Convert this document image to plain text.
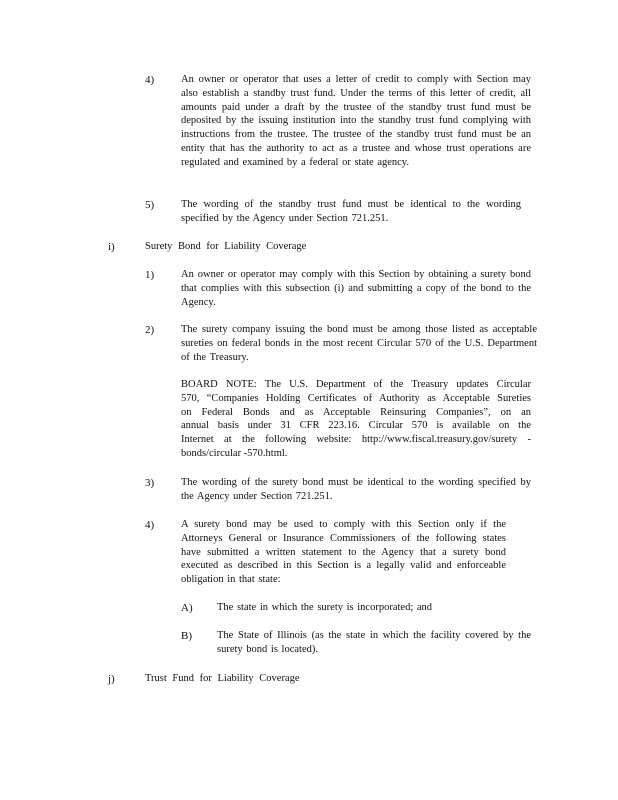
4)	An owner or operator that uses a letter of credit to comply with Section may also establish a standby trust fund. Under the terms of this letter of credit, all amounts paid under a draft by the trustee of the standby trust fund must be deposited by the issuing institution into the standby trust fund complying with instructions from the trustee. The trustee of the standby trust fund must be an entity that has the authority to act as a trustee and whose trust operations are regulated and examined by a federal or state agency.
5)	The wording of the standby trust fund must be identical to the wording specified by the Agency under Section 721.251.
i)	Surety Bond for Liability Coverage
1)	An owner or operator may comply with this Section by obtaining a surety bond that complies with this subsection (i) and submitting a copy of the bond to the Agency.
2)	The surety company issuing the bond must be among those listed as acceptable sureties on federal bonds in the most recent Circular 570 of the U.S. Department of the Treasury.
BOARD NOTE: The U.S. Department of the Treasury updates Circular
570, “Companies Holding Certificates of Authority as Acceptable Sureties
on Federal Bonds and as Acceptable Reinsuring Companies”, on an
annual basis under 31 CFR 223.16. Circular 570 is available on the
Internet at the following website: http://www.fiscal.treasury.gov/surety -
bonds/circular -570.html.
3)	The wording of the surety bond must be identical to the wording specified by the Agency under Section 721.251.
4)	A surety bond may be used to comply with this Section only if the Attorneys General or Insurance Commissioners of the following states have submitted a written statement to the Agency that a surety bond executed as described in this Section is a legally valid and enforceable obligation in that state:
A) The state in which the surety is incorporated; and
B) The State of Illinois (as the state in which the facility covered by the surety bond is located).
j)	Trust Fund for Liability Coverage
